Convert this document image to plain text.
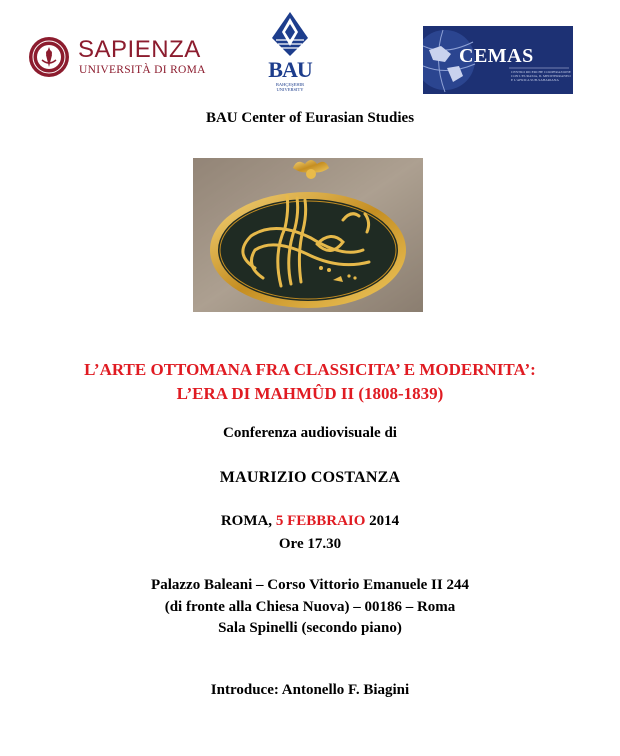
SAPIENZA
UNIVERSITÀ DI ROMA	BAU
BAHÇEŞEHIR UNIVERSITY
CEMAS
CENTRO RICERCHE COOPERAZIONE CON L'EURASIA, IL MEDITERRANEO E L'AFRICA SUB-SAHARIANA
BAU Center of Eurasian Studies
L’ARTE OTTOMANA FRA CLASSICITA’ E MODERNITA’:
L’ERA DI MAHMÛD II (1808-1839)
Conferenza audiovisuale di
MAURIZIO COSTANZA
ROMA, 5 FEBBRAIO 2014
Ore 17.30
Palazzo Baleani – Corso Vittorio Emanuele II 244
(di fronte alla Chiesa Nuova) – 00186 – Roma
Sala Spinelli (secondo piano)
Introduce: Antonello F. Biagini
